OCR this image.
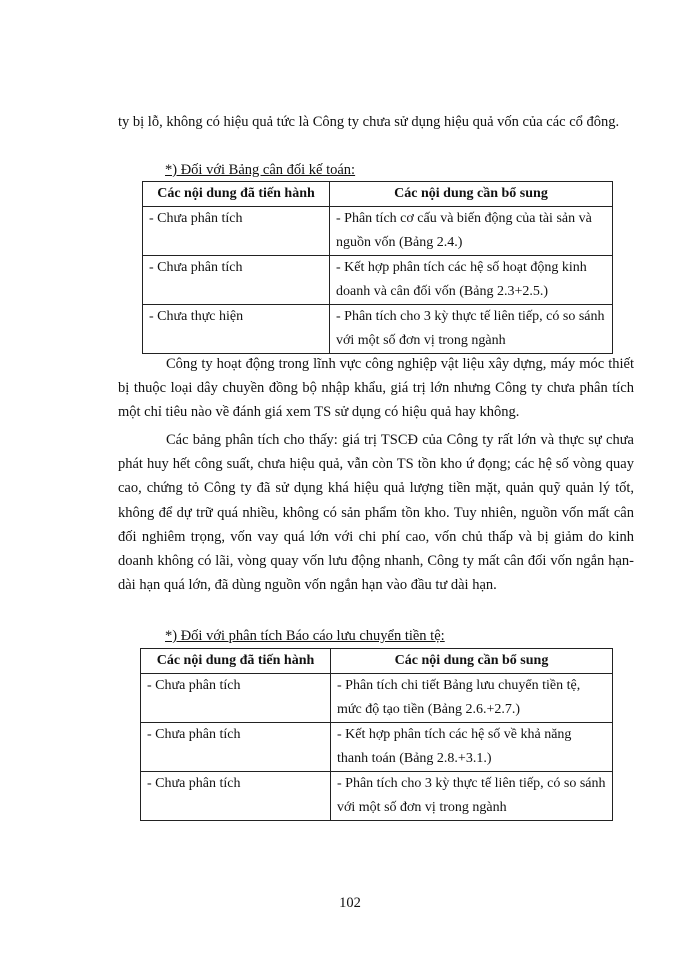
ty bị lỗ, không có hiệu quả tức là Công ty chưa sử dụng hiệu quả vốn của các cổ đông.
*) Đối với Bảng cân đối kế toán:
Các nội dung đã tiến hành	Các nội dung cần bổ sung
- Chưa phân tích	- Phân tích cơ cấu và biến động của tài sản và nguồn vốn (Bảng 2.4.)
- Chưa phân tích	- Kết hợp phân tích các hệ số hoạt động kinh doanh và cân đối vốn (Bảng 2.3+2.5.)
- Chưa thực hiện	- Phân tích cho 3 kỳ thực tế liên tiếp, có so sánh với một số đơn vị trong ngành
Công ty hoạt động trong lĩnh vực công nghiệp vật liệu xây dựng, máy móc thiết bị thuộc loại dây chuyền đồng bộ nhập khẩu, giá trị lớn nhưng Công ty chưa phân tích một chỉ tiêu nào về đánh giá xem TS sử dụng có hiệu quả hay không.
Các bảng phân tích cho thấy: giá trị TSCĐ của Công ty rất lớn và thực sự chưa phát huy hết công suất, chưa hiệu quả, vẫn còn TS tồn kho ứ đọng; các hệ số vòng quay cao, chứng tỏ Công ty đã sử dụng khá hiệu quả lượng tiền mặt, quản quỹ quản lý tốt, không để dự trữ quá nhiều, không có sản phẩm tồn kho. Tuy nhiên, nguồn vốn mất cân đối nghiêm trọng, vốn vay quá lớn với chi phí cao, vốn chủ thấp và bị giảm do kinh doanh không có lãi, vòng quay vốn lưu động nhanh, Công ty mất cân đối vốn ngắn hạn-dài hạn quá lớn, đã dùng nguồn vốn ngắn hạn vào đầu tư dài hạn.
*) Đối với phân tích Báo cáo lưu chuyển tiền tệ:
Các nội dung đã tiến hành	Các nội dung cần bổ sung
- Chưa phân tích	- Phân tích chi tiết Bảng lưu chuyển tiền tệ, mức độ tạo tiền (Bảng 2.6.+2.7.)
- Chưa phân tích	- Kết hợp phân tích các hệ số về khả năng thanh toán (Bảng 2.8.+3.1.)
- Chưa phân tích	- Phân tích cho 3 kỳ thực tế liên tiếp, có so sánh với một số đơn vị trong ngành
102
